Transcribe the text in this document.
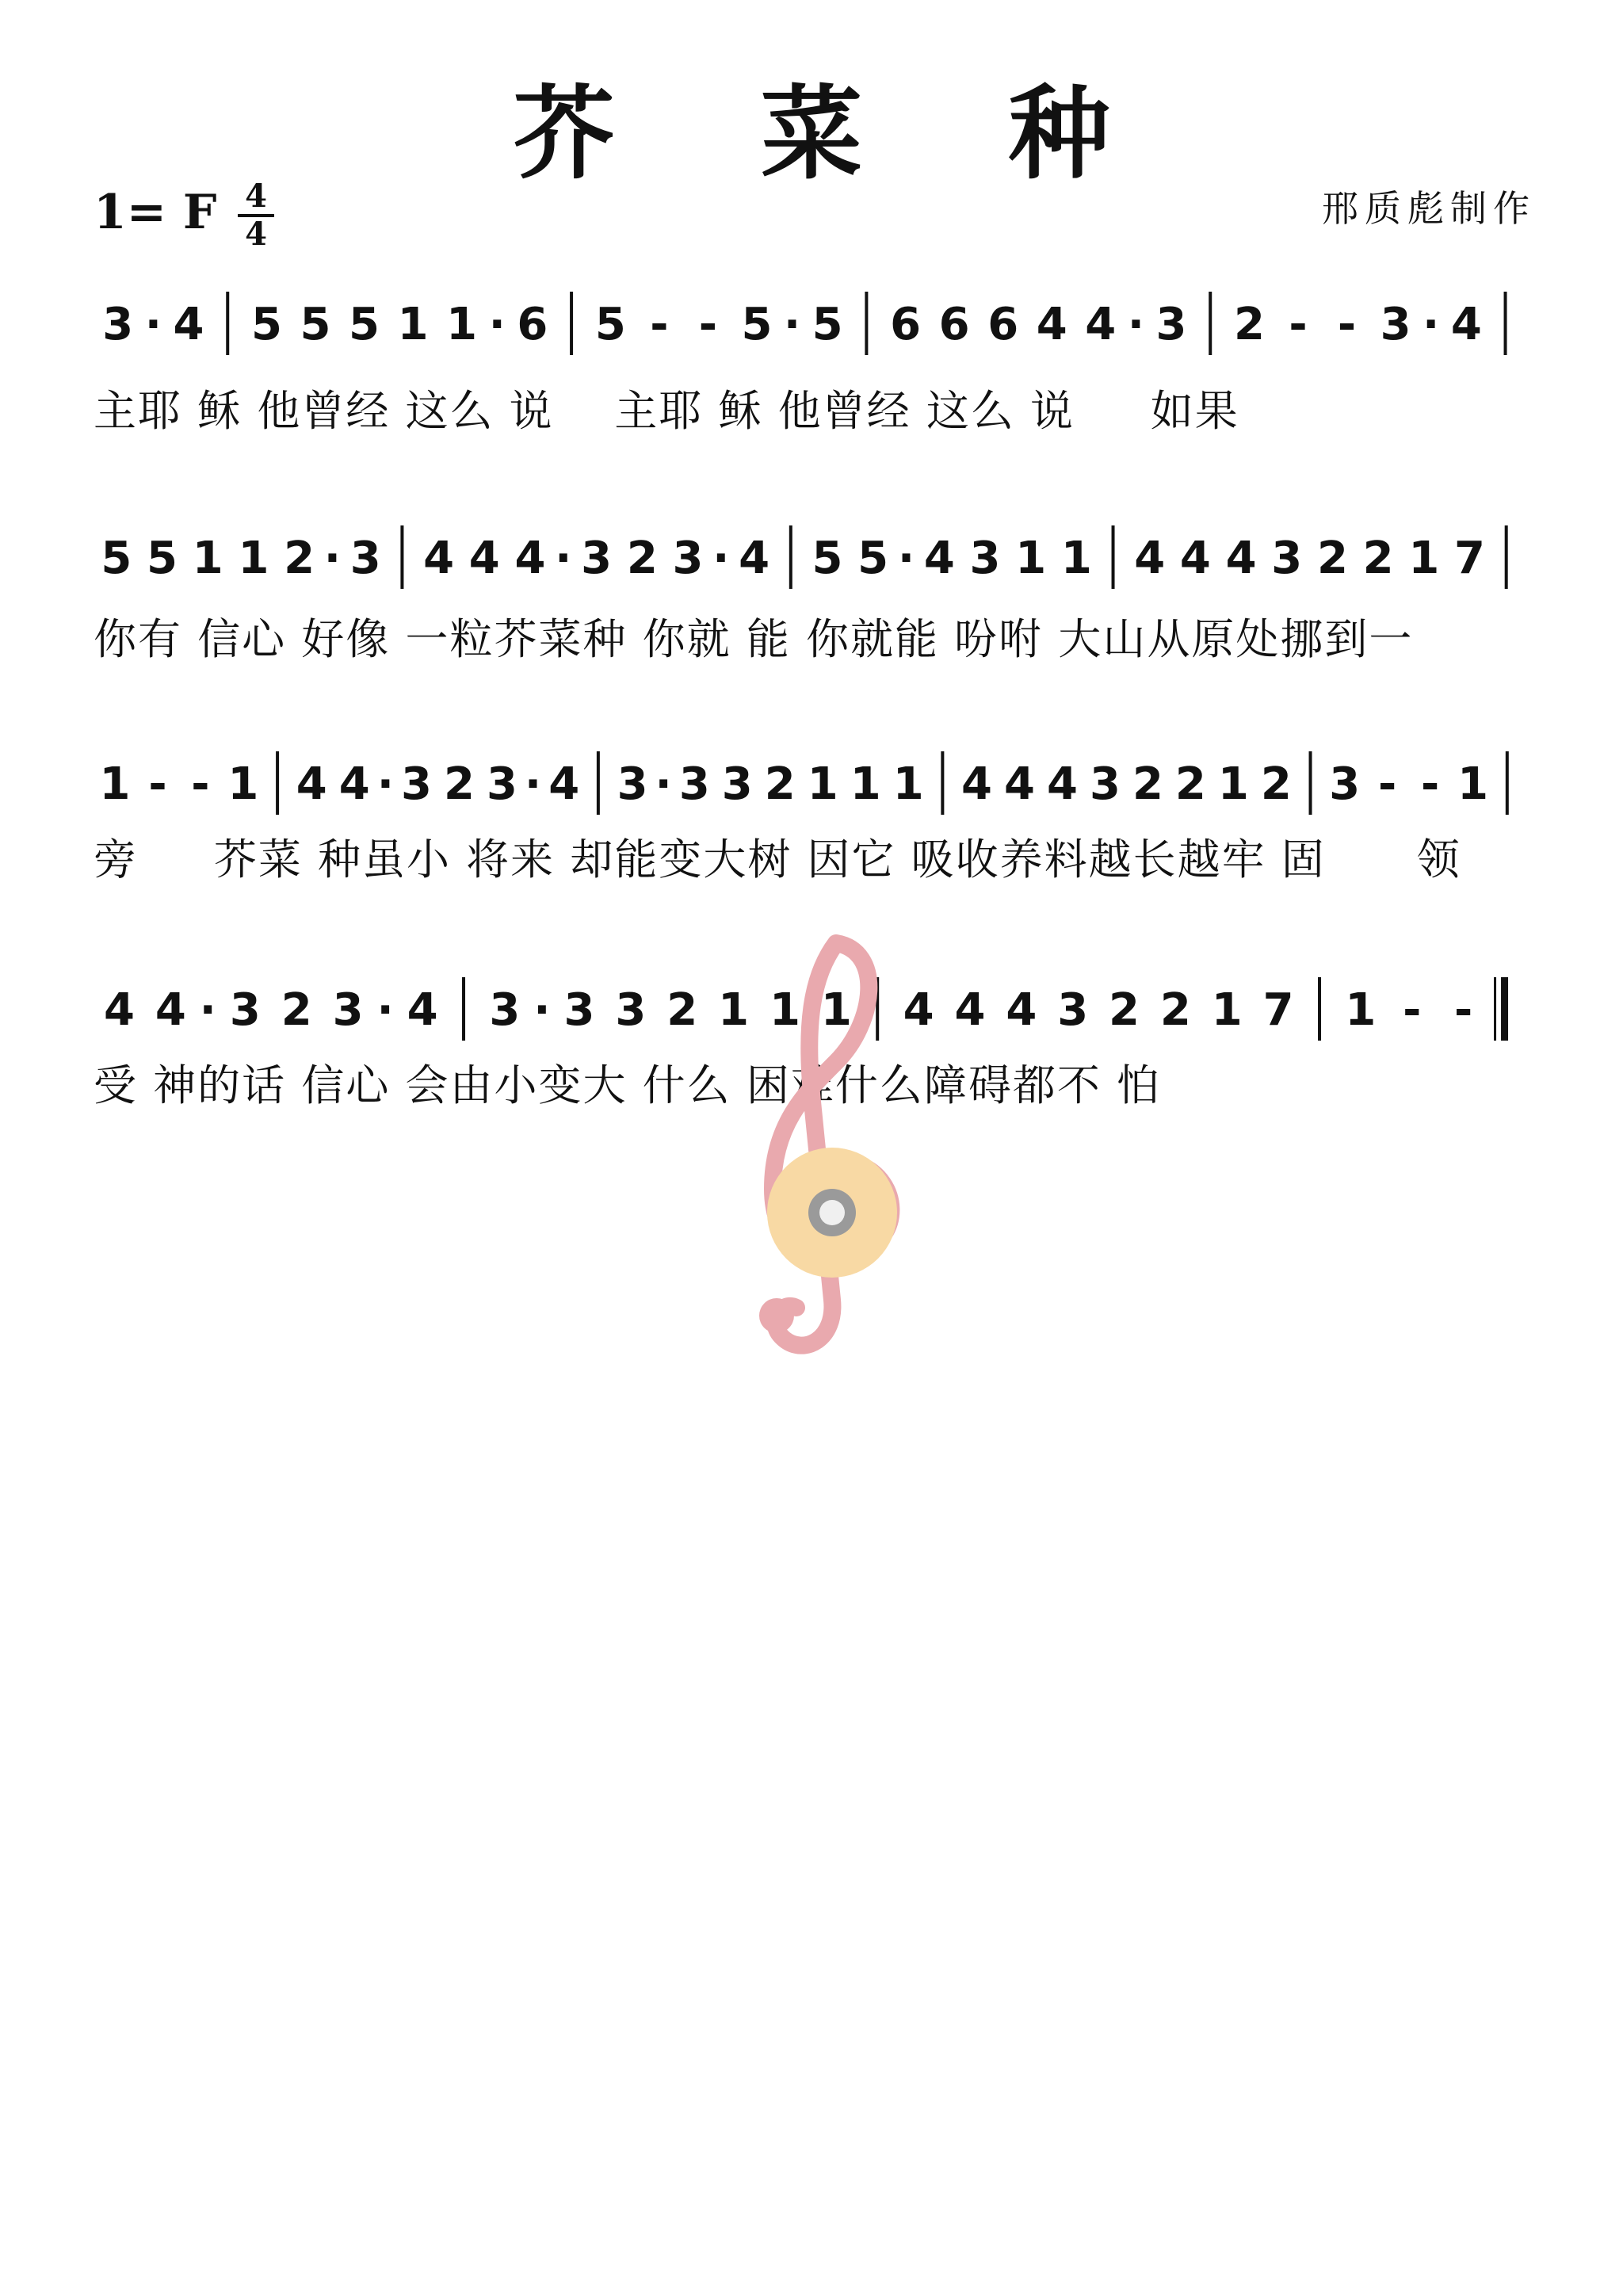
芥 菜 种
1= F $\frac{4}{4}$	邢质彪制作
3 · 4 5 5 5 1 1 · 6 5 - - 5 · 5 6 6 6 4 4 · 3 2 - - 3 · 4
主耶 稣 他曾经 这么 说    主耶 稣 他曾经 这么 说     如果
5 5 1 1 2 · 3 4 4 4 · 3 2 3 · 4 5 5 · 4 3 1 1 4 4 4 3 2 2 1 7
你有 信心 好像 一粒芥菜种 你就 能 你就能 吩咐 大山从原处挪到一
1 - - 1 4 4 · 3 2 3 · 4 3 · 3 3 2 1 1 1 4 4 4 3 2 2 1 2 3 - - 1
旁     芥菜 种虽小 将来 却能变大树 因它 吸收养料越长越牢 固      领
4 4 · 3 2 3 · 4 3 · 3 3 2 1 1 1 4 4 4 3 2 2 1 7 1 - -
受 神的话 信心 会由小变大 什么 困难什么障碍都不 怕
